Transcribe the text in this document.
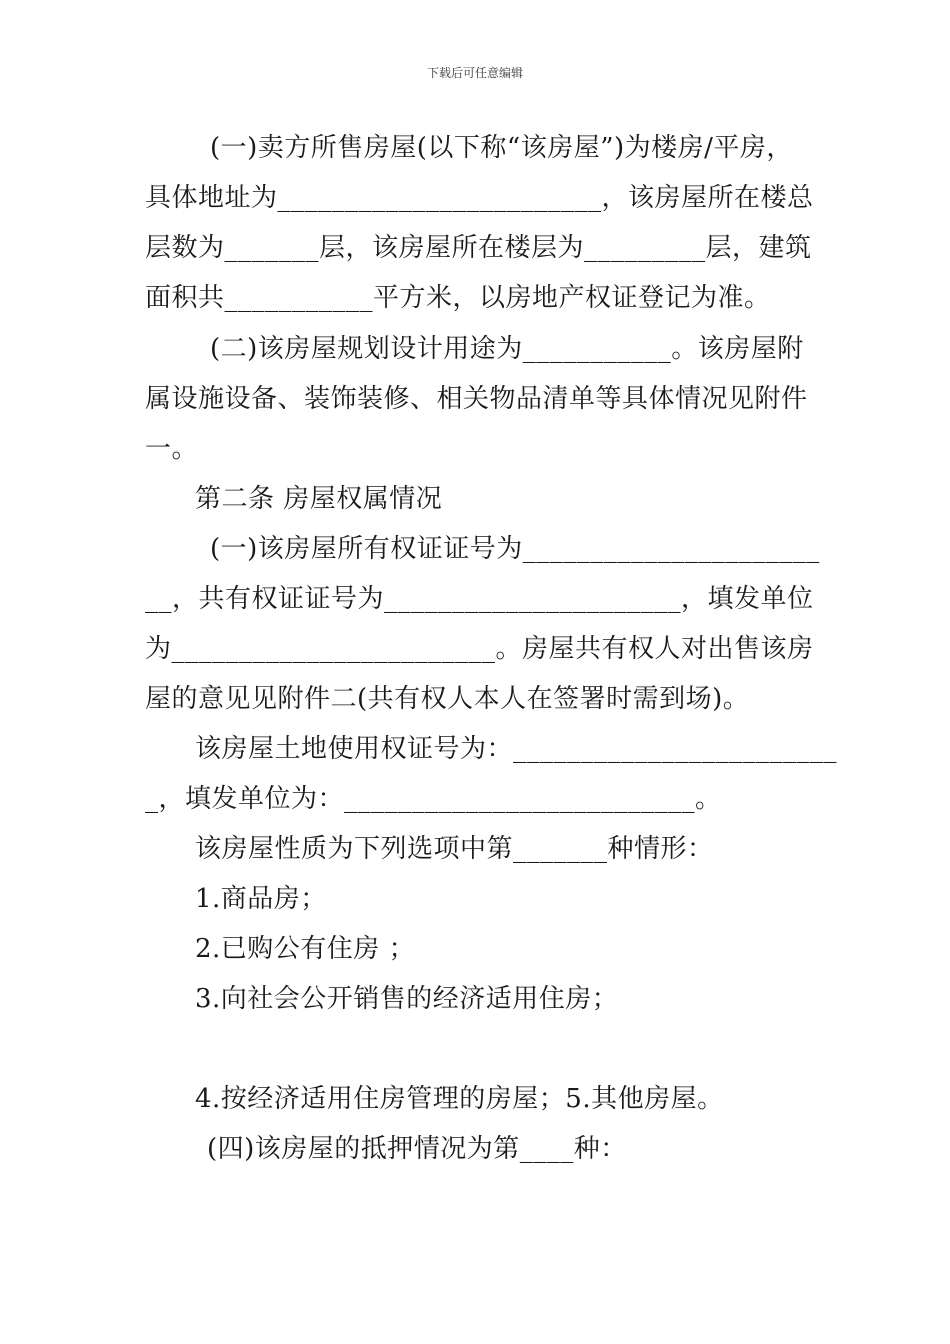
下载后可任意编辑
(一)卖方所售房屋(以下称“该房屋”)为楼房/平房，
具体地址为________________________，该房屋所在楼总
层数为_______层，该房屋所在楼层为_________层，建筑
面积共___________平方米，以房地产权证登记为准。
(二)该房屋规划设计用途为___________。该房屋附
属设施设备、装饰装修、相关物品清单等具体情况见附件
一。
第二条 房屋权属情况
(一)该房屋所有权证证号为______________________
__，共有权证证号为______________________，填发单位
为________________________。房屋共有权人对出售该房
屋的意见见附件二(共有权人本人在签署时需到场)。
该房屋土地使用权证号为：________________________
_，填发单位为：__________________________。
该房屋性质为下列选项中第_______种情形：
1.商品房；
2.已购公有住房 ；
3.向社会公开销售的经济适用住房；
4.按经济适用住房管理的房屋；5.其他房屋。
(四)该房屋的抵押情况为第____种：
